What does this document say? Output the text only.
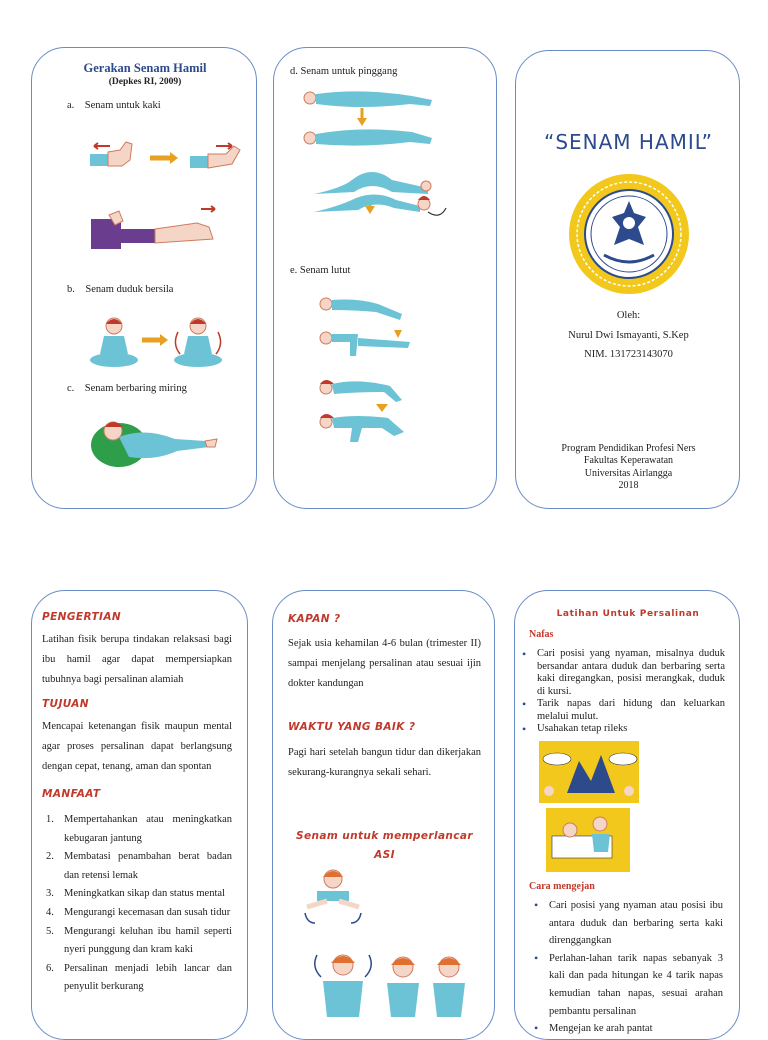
Gerakan Senam Hamil
(Depkes RI, 2009)
a.    Senam untuk kaki
b.    Senam duduk bersila
c.    Senam berbaring miring
d. Senam untuk pinggang
e. Senam lutut
“SENAM HAMIL”
Oleh:
Nurul Dwi Ismayanti, S.Kep
NIM. 131723143070
Program Pendidikan Profesi Ners
Fakultas Keperawatan
Universitas Airlangga
2018
PENGERTIAN
Latihan fisik berupa tindakan relaksasi bagi ibu hamil agar dapat mempersiapkan tubuhnya bagi persalinan alamiah
TUJUAN
Mencapai ketenangan fisik maupun mental agar proses persalinan dapat berlangsung dengan cepat, tenang, aman dan spontan
MANFAAT
1. Mempertahankan atau meningkatkan kebugaran jantung
2. Membatasi penambahan berat badan dan retensi lemak
3. Meningkatkan sikap dan status mental
4. Mengurangi kecemasan dan susah tidur
5. Mengurangi keluhan ibu hamil seperti nyeri punggung dan kram kaki
6. Persalinan menjadi lebih lancar dan penyulit berkurang
KAPAN ?
Sejak usia kehamilan 4-6 bulan (trimester II) sampai menjelang persalinan atau sesuai ijin dokter kandungan
WAKTU YANG BAIK ?
Pagi hari setelah bangun tidur dan dikerjakan sekurang-kurangnya sekali sehari.
Senam untuk memperlancar
ASI
Latihan Untuk Persalinan
Nafas
• Cari posisi yang nyaman, misalnya duduk bersandar antara duduk dan berbaring serta kaki diregangkan, posisi merangkak, duduk di kursi.
• Tarik napas dari hidung dan keluarkan melalui mulut.
• Usahakan tetap rileks
Cara mengejan
• Cari posisi yang nyaman atau posisi ibu antara duduk dan berbaring serta kaki direnggangkan
• Perlahan-lahan tarik napas sebanyak 3 kali dan pada hitungan ke 4 tarik napas kemudian tahan napas, sesuai arahan pembantu persalinan
• Mengejan ke arah pantat
